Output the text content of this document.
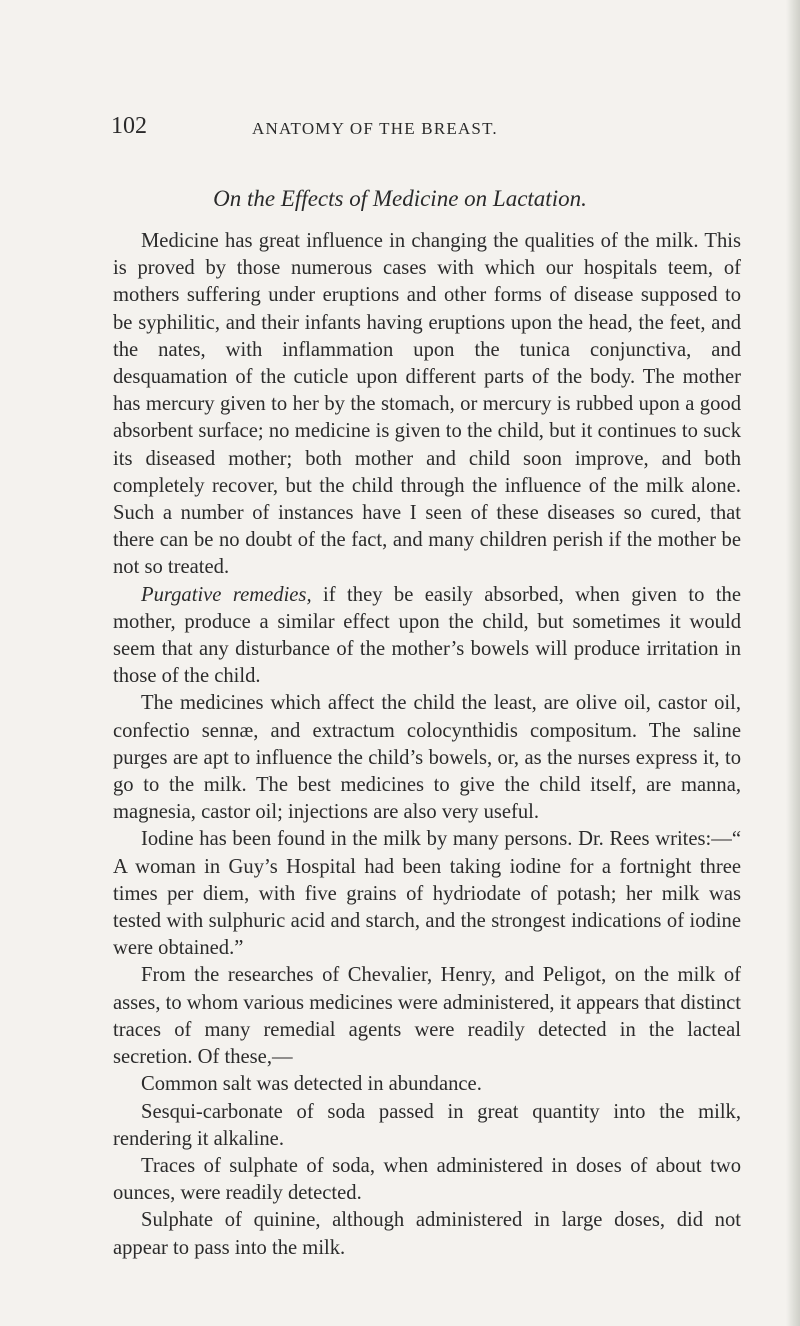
102	ANATOMY OF THE BREAST.
On the Effects of Medicine on Lactation.

Medicine has great influence in changing the qualities of the milk. This is proved by those numerous cases with which our hospitals teem, of mothers suffering under eruptions and other forms of disease supposed to be syphilitic, and their infants having eruptions upon the head, the feet, and the nates, with inflammation upon the tunica conjunctiva, and desquamation of the cuticle upon different parts of the body. The mother has mercury given to her by the stomach, or mercury is rubbed upon a good absorbent surface; no medicine is given to the child, but it continues to suck its diseased mother; both mother and child soon improve, and both completely recover, but the child through the influence of the milk alone. Such a number of instances have I seen of these diseases so cured, that there can be no doubt of the fact, and many children perish if the mother be not so treated.

Purgative remedies, if they be easily absorbed, when given to the mother, produce a similar effect upon the child, but sometimes it would seem that any disturbance of the mother’s bowels will produce irritation in those of the child.

The medicines which affect the child the least, are olive oil, castor oil, confectio sennæ, and extractum colocynthidis compositum. The saline purges are apt to influence the child’s bowels, or, as the nurses express it, to go to the milk. The best medicines to give the child itself, are manna, magnesia, castor oil; injections are also very useful.

Iodine has been found in the milk by many persons. Dr. Rees writes:—“ A woman in Guy’s Hospital had been taking iodine for a fortnight three times per diem, with five grains of hydriodate of potash; her milk was tested with sulphuric acid and starch, and the strongest indications of iodine were obtained.”

From the researches of Chevalier, Henry, and Peligot, on the milk of asses, to whom various medicines were administered, it appears that distinct traces of many remedial agents were readily detected in the lacteal secretion. Of these,—

Common salt was detected in abundance.

Sesqui-carbonate of soda passed in great quantity into the milk, rendering it alkaline.

Traces of sulphate of soda, when administered in doses of about two ounces, were readily detected.

Sulphate of quinine, although administered in large doses, did not appear to pass into the milk.
